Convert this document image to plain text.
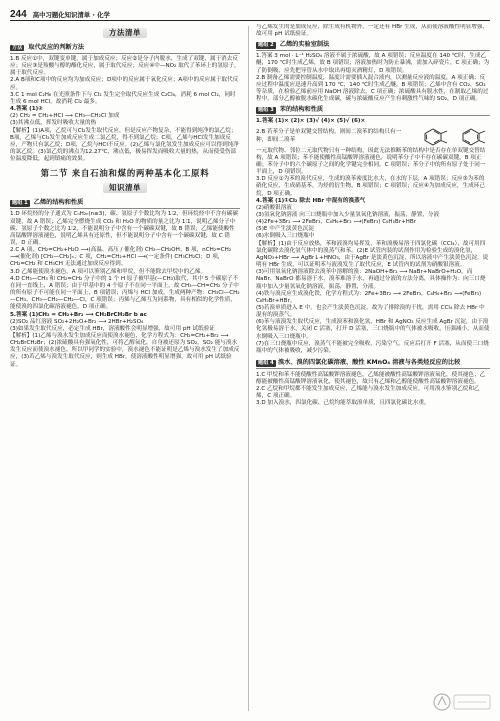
244 高中习题化知识清单 · 化学
方法清单
方法 取代反应的判断方法

1.B 反应①中，双键变单键，属于加成反应；反应②是分子内脱水，生成了双键，属于消去反应；反应③是羧酸与醇的酯化反应，属于取代反应；反应④中—NO₂ 取代了苯环上的氢原子，属于取代反应。

2.A B项和C项中的反应均为加成反应；D项中的反应属于氧化反应；A项中的反应属于取代反应。

3.C 1 mol C₂H₆ 在光照条件下与 Cl₂ 发生完全取代反应生成 C₂Cl₆，消耗 6 mol Cl₂，同时生成 6 mol HCl，故消耗 Cl₂ 最多。

4.答案 (1)②

(2) CH₂ = CH₂+HCl ⟶ CH₃—CH₂Cl 加成

(3)其沸点低，挥发时吸收大量的热

【解析】(1)A项，乙烷可与Cl₂发生取代反应，但是反应产物复杂，不能得到纯净的氯乙烷；B项，乙烯与Cl₂发生加成反应生成二氯乙烷，得不到氯乙烷；C项，乙烯与HCl发生加成反应，产物只有氯乙烷；D项，乙烷与HCl不反应。(2)乙烯与氯化氢发生加成反应可以得到纯净的氯乙烷。(3)氯乙烷的沸点为12.27℃，沸点低，极易挥发而吸收大量的热，从而使受伤部位温度降低，起到镇痛的效果。

第二节 来自石油和煤的两种基本化工原料
知识清单
题组 1 乙烯的结构和性质

1.D 环烷烃的分子通式为 CₙH₂ₙ(n≥3)，碳、氢原子个数比均为 1∶2，但环烷烃中不含有碳碳双键，故 A 错误；乙烯完全燃烧生成 CO₂ 和 H₂O 的物质的量之比为 1∶1，说明乙烯分子中碳、氢原子个数之比为 1∶2，不能说明分子中含有一个碳碳双键，故 B 错误；乙烯能使酸性高锰酸钾溶液褪色，说明乙烯具有还原性，但不能说明分子中含有一个碳碳双键，故 C 错误，D 正确。

2.C A 项，CH₂=CH₂+H₂O ⟶(高温、高压 / 催化剂) CH₃—CH₂OH；B 项，nCH₂=CH₂ ⟶(催化剂) [CH₂—CH₂]ₙ；C 项，CH₂=CH₂+HCl ⟶(一定条件) CH₃CH₂Cl；D 项，CH₂=CH₂ 和 CH₃CH 无法通过加成反应得到。

3.D 乙烯能使溴水褪色，A 项可以鉴别乙烯和甲烷，但不能除去甲烷中的乙烯。

4.D CH₃—CH₃ 和 CH₂=CH₂ 分子中的 1 个 H 原子被甲基(—CH₃)取代，其中 5 个碳原子不在同一直线上，A 错误；由于甲基中的 4 个原子不在同一平面上，故 CH₃—CH=CH₂ 分子中的所有原子不可能在同一平面上，B 项错误；丙烯与 HCl 加成，生成两种产物：CH₃Cl—CH₂—CH₃、CH₃—CH₂—CH₂—Cl，C 项错误；丙烯与乙烯互为同系物，具有相似的化学性质，能使溴的四氯化碳溶液褪色，D 项正确。

5.答案 (1)CH₂ = CH₂+Br₂ ⟶ CH₂BrCH₂Br b ac

(2)SO₂ 品红溶液 SO₂+2H₂O+Br₂ ⟶ 2HBr+H₂SO₄

(3)如果发生取代反应，必定生成 HBr，溶液酸性会明显增强，故可用 pH 试纸验证

【解析】(1)乙烯与溴水发生加成反应而使溴水褪色，化学方程式为：CH₂=CH₂+Br₂ ⟶ CH₂BrCH₂Br；(2)浓硫酸具有强氧化性，可将乙醇氧化，自身被还原为 SO₂，SO₂ 能与溴水发生反应而使溴水褪色，所以甲同学的实验中，溴水褪色不能证明是乙烯与溴水发生了加成反应，(3)若乙烯与溴发生取代反应，则生成 HBr，使溶液酸性明显增强，故可用 pH 试纸验证。

与乙烯发生的是加成反应，除生成有机物外，一定还有 HBr 生成，从而使溶液酸性明显增强，故可用 pH 试纸验证。

题组 2 乙烯的实验室制法

1.答案 3 mol · L⁻¹ H₂SO₄ 溶液不属于浓硫酸，故 A 项错误；反应温度在 140 ℃时，生成乙醚，170 ℃时生成乙烯，故 B 项错误；溶液加热时为防止暴沸，需加入碎瓷片，C 项正确；为了防倒吸，应先把导管从水中取出再熄灭酒精灯，D 项错误。

2.B 制备乙烯需要控制温度，温度计需要插入混合液内，以测量反应液的温度，A 项正确；反应过程中温度应迅速升高到 170 ℃，140 ℃时生成乙醚，B 项错误；乙烯中含有 CO₂、SO₂ 等杂质，在检验乙烯前应用 NaOH 溶液除去，C 项正确；浓硫酸具有脱水性，在制取乙烯的过程中，部分乙醇被脱水碳化生成碳，碳与浓硫酸反应产生有刺激性气味的 SO₂，D 项正确。

题组 3 苯的结构和性质

1.答案 (1)× (2)× (3)√ (4)× (5)√ (6)×

2.B 若苯分子是单双键交替结构，则间二溴苯的结构只有一种，即间二溴苯

一元取代物、邻位二元取代物只有一种结构，因此无法推断苯的结构中是否存在单双键交替结构，故 A 项错误；苯不能使酸性高锰酸钾溶液褪色，说明苯分子中不存在碳碳双键，B 项正确；苯分子中的六个碳原子之间的化学键完全相同，C 项错误；苯分子中的所有原子处于同一平面上，D 项错误。

3.D 反应①为苯的溴代反应，生成的溴苯密度比水大，在水的下层，A 项错误；反应③为苯的硝化反应，生成硝基苯，为烃的衍生物，B 项错误；C 项错误；反应④为加成反应，生成环己烷，D 项正确。

4.答案 (1)①Cl₂ 除去 HBr 中混有的溴蒸气

(2)硝酸银溶液

(3)氢氧化钠溶液 向三口烧瓶中加入少量氢氧化钠溶液，振荡，静置，分液

(4)2Fe+3Br₂ ⟶ 2FeBr₃，C₆H₆+Br₂ ⟶(FeBr₃) C₆H₅Br+HBr

(5)E 中产生淡黄色沉淀

(6)水倒吸入三口烧瓶中

【解析】(1)由于反应放热，苯和液溴均易挥发，苯和溴极易溶于四氯化碳（CCl₄），故可用四氯化碳除去溴化氢气体中的溴蒸气和苯。(2)E 试管内装的试剂作用为检验生成的溴化氢，AgNO₃+HBr ⟶ AgBr↓+HNO₃，由于AgBr 是淡黄色沉淀，所以溶液中产生淡黄色沉淀，说明有 HBr 生成，可以证明苯与液溴发生了取代反应，E 试管内的试剂为硝酸银溶液。

(3)可用氢氧化钠溶液除去溴苯中溶解的溴：2NaOH+Br₂ ⟶ NaBr+NaBrO+H₂O，而 NaBr、NaBrO 都易溶于水，溴苯难溶于水，再通过分液的方法分离，具体操作为：向三口烧瓶中加入少量氢氧化钠溶液，振荡，静置，分液。

(4)铁与溴反应生成溴化铁，化学方程式为：2Fe+3Br₂ ⟶ 2FeBr₃，C₆H₆+Br₂ ⟶(FeBr₃) C₆H₅Br+HBr。

(5)若溴单质进入 E 中，也会产生淡黄色沉淀，故为了排除溴的干扰，需用 CCl₄ 除去 HBr 中混有的溴蒸气。

(6)苯与液溴发生取代反应，生成溴苯和溴化氢，HBr 和 AgNO₃ 反应生成 AgBr 沉淀，由于溴化氢极易溶于水，关闭 C 活塞，打开 D 活塞，三口烧瓶中的气体被水吸收，压强减小，从而使水倒吸入三口烧瓶中。

(7)在三口烧瓶中反应，溴蒸气不能被完全吸收，污染空气，反应后打开 F 活塞，从而使三口烧瓶中的气体被吸收，减少污染。

题组 4 溴水、溴的四氯化碳溶液、酸性 KMnO₄ 溶液与各类烃反应的比较

1.C 甲烷和苯不能使酸性高锰酸钾溶液褪色，乙烯能被酸性高锰酸钾溶液氧化，使其褪色；乙醇能被酸性高锰酸钾溶液氧化，使其褪色，故只有乙烯和乙醇能使酸性高锰酸钾溶液褪色。

2.C 乙烷和甲烷都不能发生加成反应，乙烯能与溴水发生加成反应，可用溴水鉴别乙烷和乙烯，C 项正确。

3.D 加入溴水，四氯化碳、己烷均能萃取溴单质，且四氯化碳比水重，
